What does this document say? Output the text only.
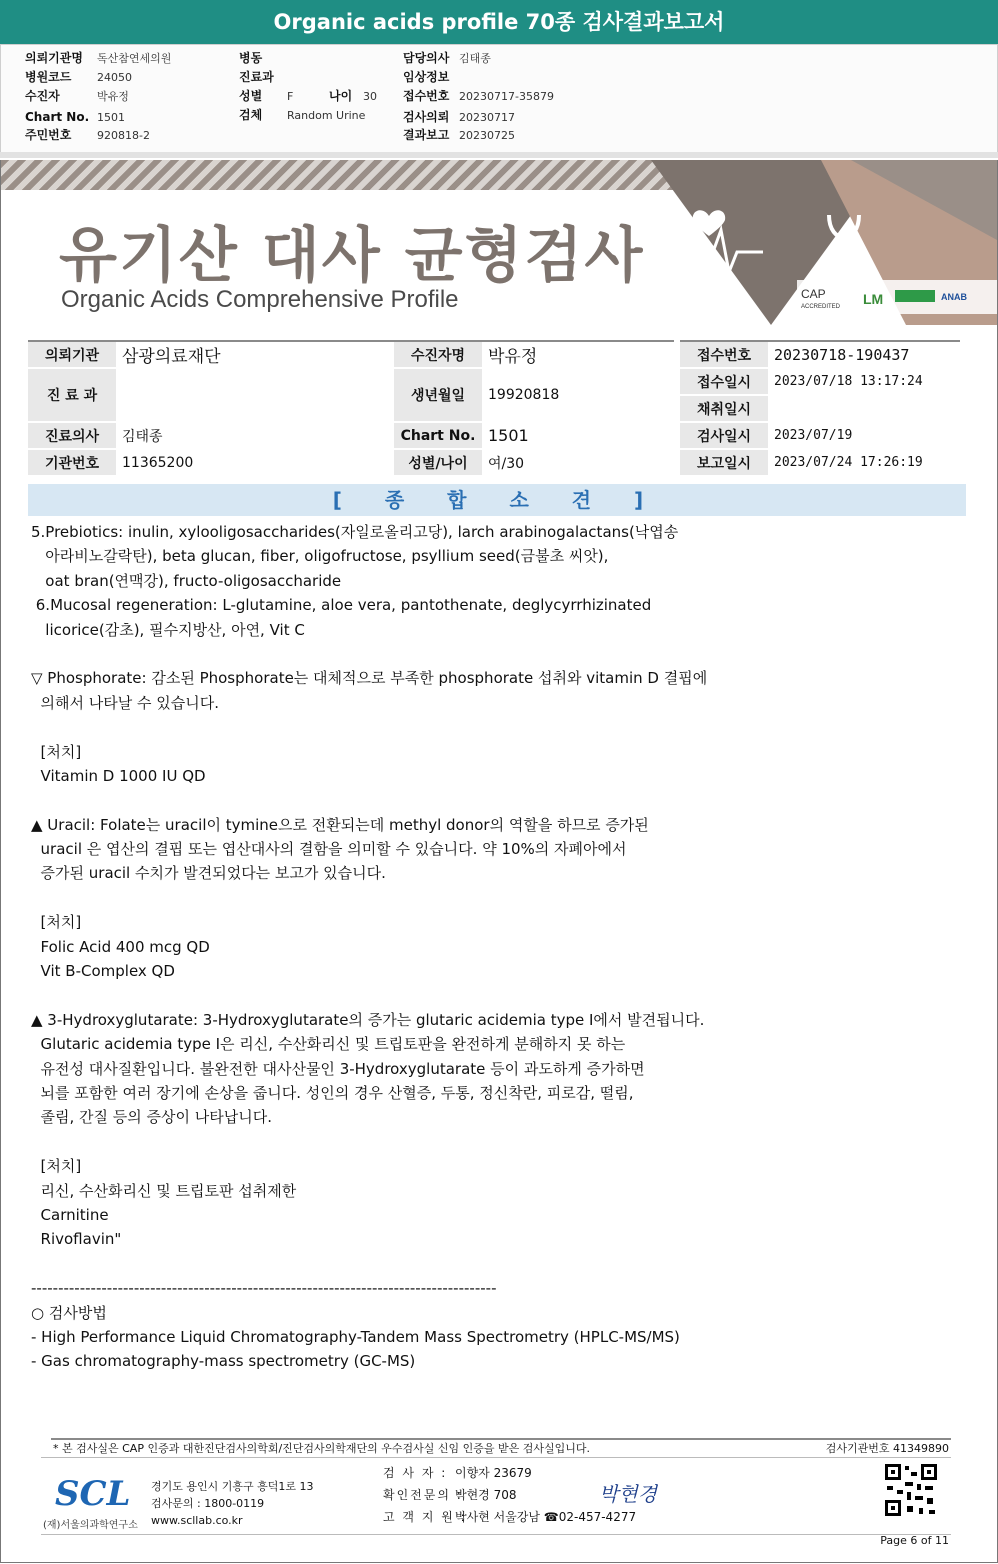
Organic acids profile 70종 검사결과보고서
의뢰기관명 독산참연세의원
병원코드 24050
수진자	박유정
Chart No. 1501
주민번호 920818-2
병동
진료과
성별 F	나이 30
검체 Random Urine
담당의사 김태종
임상정보
접수번호 20230717-35879
검사의뢰 20230717
결과보고 20230725
유기산 대사 균형검사
Organic Acids Comprehensive Profile	CAP
ACCREDITED LM	ANAB
의뢰기관	삼광의료재단	수진자명	박유정	접수번호	20230718-190437
진 료 과		생년월일	19920818	접수일시	2023/07/18 13:17:24
				채취일시	
진료의사	김태종	Chart No.	1501	검사일시	2023/07/19
기관번호	11365200	성별/나이	여/30	보고일시	2023/07/24 17:26:19
[ 종 합 소 견 ]
5.Prebiotics: inulin, xylooligosaccharides(자일로올리고당), larch arabinogalactans(낙엽송
아라비노갈락탄), beta glucan, fiber, oligofructose, psyllium seed(금불초 씨앗),
oat bran(연맥강), fructo-oligosaccharide
6.Mucosal regeneration: L-glutamine, aloe vera, pantothenate, deglycyrrhizinated
licorice(감초), 필수지방산, 아연, Vit C
▽ Phosphorate: 감소된 Phosphorate는 대체적으로 부족한 phosphorate 섭취와 vitamin D 결핍에
의해서 나타날 수 있습니다.
[처치]
Vitamin D 1000 IU QD
▲ Uracil: Folate는 uracil이 tymine으로 전환되는데 methyl donor의 역할을 하므로 증가된
uracil 은 엽산의 결핍 또는 엽산대사의 결함을 의미할 수 있습니다. 약 10%의 자폐아에서
증가된 uracil 수치가 발견되었다는 보고가 있습니다.
[처치]
Folic Acid 400 mcg QD
Vit B-Complex QD
▲ 3-Hydroxyglutarate: 3-Hydroxyglutarate의 증가는 glutaric acidemia type I에서 발견됩니다.
Glutaric acidemia type I은 리신, 수산화리신 및 트립토판을 완전하게 분해하지 못 하는
유전성 대사질환입니다. 불완전한 대사산물인 3-Hydroxyglutarate 등이 과도하게 증가하면
뇌를 포함한 여러 장기에 손상을 줍니다. 성인의 경우 산혈증, 두통, 정신착란, 피로감, 떨림,
졸림, 간질 등의 증상이 나타납니다.
[처치]
리신, 수산화리신 및 트립토판 섭취제한
Carnitine
Rivoflavin"
--------------------------------------------------------------------------------------
○ 검사방법
- High Performance Liquid Chromatography-Tandem Mass Spectrometry (HPLC-MS/MS)
- Gas chromatography-mass spectrometry (GC-MS)
* 본 검사실은 CAP 인증과 대한진단검사의학회/진단검사의학재단의 우수검사실 신임 인증을 받은 검사실입니다.	검사기관번호 41349890
SCL
(재)서울의과학연구소
경기도 용인시 기흥구 흥덕1로 13
검사문의 : 1800-0119
www.scllab.co.kr
검 사 자 : 이향자 23679
확인전문의 :박현경 708
고 객 지 원 :박사현 서울강남 ☎02-457-4277
박현경
Page 6 of 11
